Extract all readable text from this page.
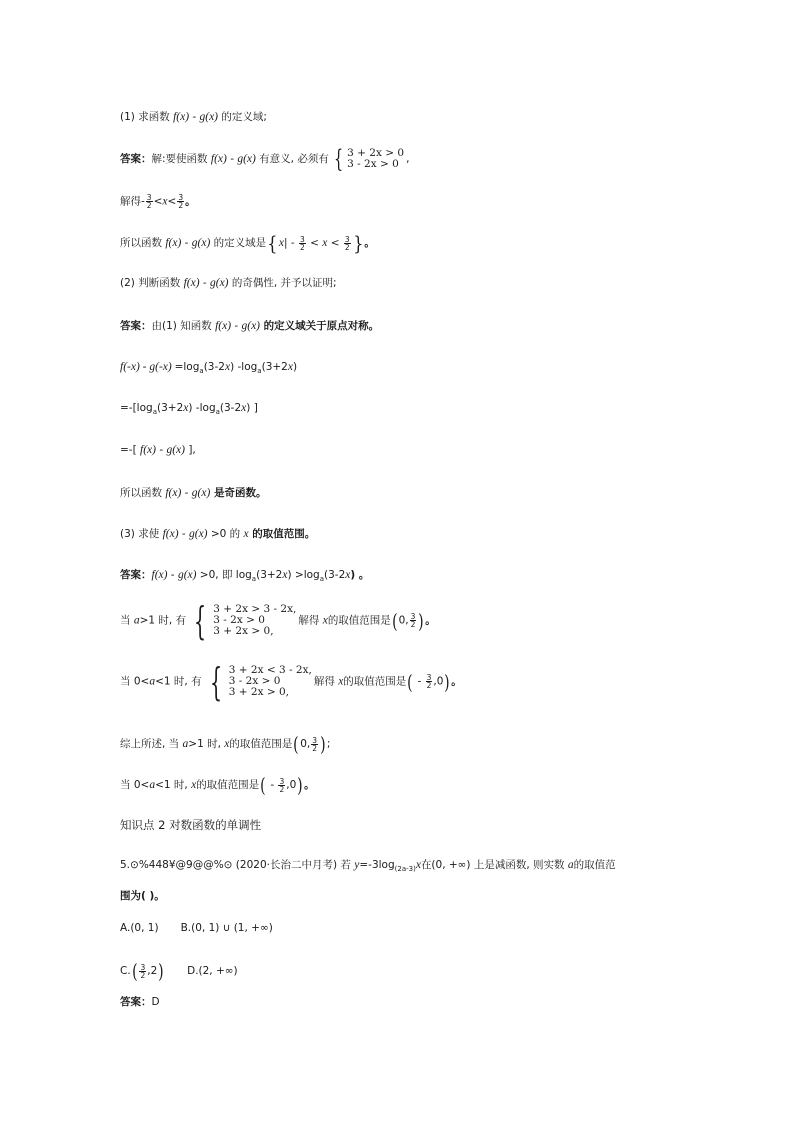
(1) 求函数 f(x) - g(x) 的定义域;
答案：解:要使函数 f(x) - g(x) 有意义, 必须有 { 3 + 2x > 0
3 - 2x > 0 ,
解得- $\frac{3}{2} <x< \frac{3}{2}$ 。
所以函数 f(x) - g(x) 的定义域是{$x| - \frac{3}{2} < x < \frac{3}{2}$ }。
(2) 判断函数 f(x) - g(x) 的奇偶性, 并予以证明;
答案：由(1) 知函数 f(x) - g(x) 的定义域关于原点对称。
$f(-x) - g(-x) =\log_a(3-2x)$ $-\log_a(3+2x)$
$=-[\log_a(3+2x)$ $-\log_a(3-2x)$ ]
=-[ f(x) - g(x) ],
所以函数 f(x) - g(x) 是奇函数。
(3) 求使 f(x) - g(x) >0 的 x 的取值范围。
答案：f(x) - g(x) >0, 即 $\log_a(3+2x) >\log_a(3-2x)$ 。
当 a>1 时, 有 { 3 + 2x > 3 - 2x,
3 - 2x > 0
3 + 2x > 0,
解得 x的取值范围是(0, $\frac{3}{2}$ )。
当 0<a<1 时, 有 { 3 + 2x < 3 - 2x,
3 - 2x > 0
3 + 2x > 0,
解得 x的取值范围是( - $\frac{3}{2} ,0$)。
综上所述, 当 a>1 时, x的取值范围是(0, $\frac{3}{2}$ );
当 0<a<1 时, x的取值范围是( - $\frac{3}{2} ,0$)。
知识点 2 对数函数的单调性
5.⊙%448¥@9@@%⊙ (2020·长治二中月考) 若 $y=-3\log_{(2a-3)}x$在(0, +∞) 上是减函数, 则实数 a的取值范
围为( )。
A.(0, 1) B.(0, 1) ∪ (1, +∞)
$C.( \frac{3}{2} ,2)$ D.(2, +∞)
答案：D
